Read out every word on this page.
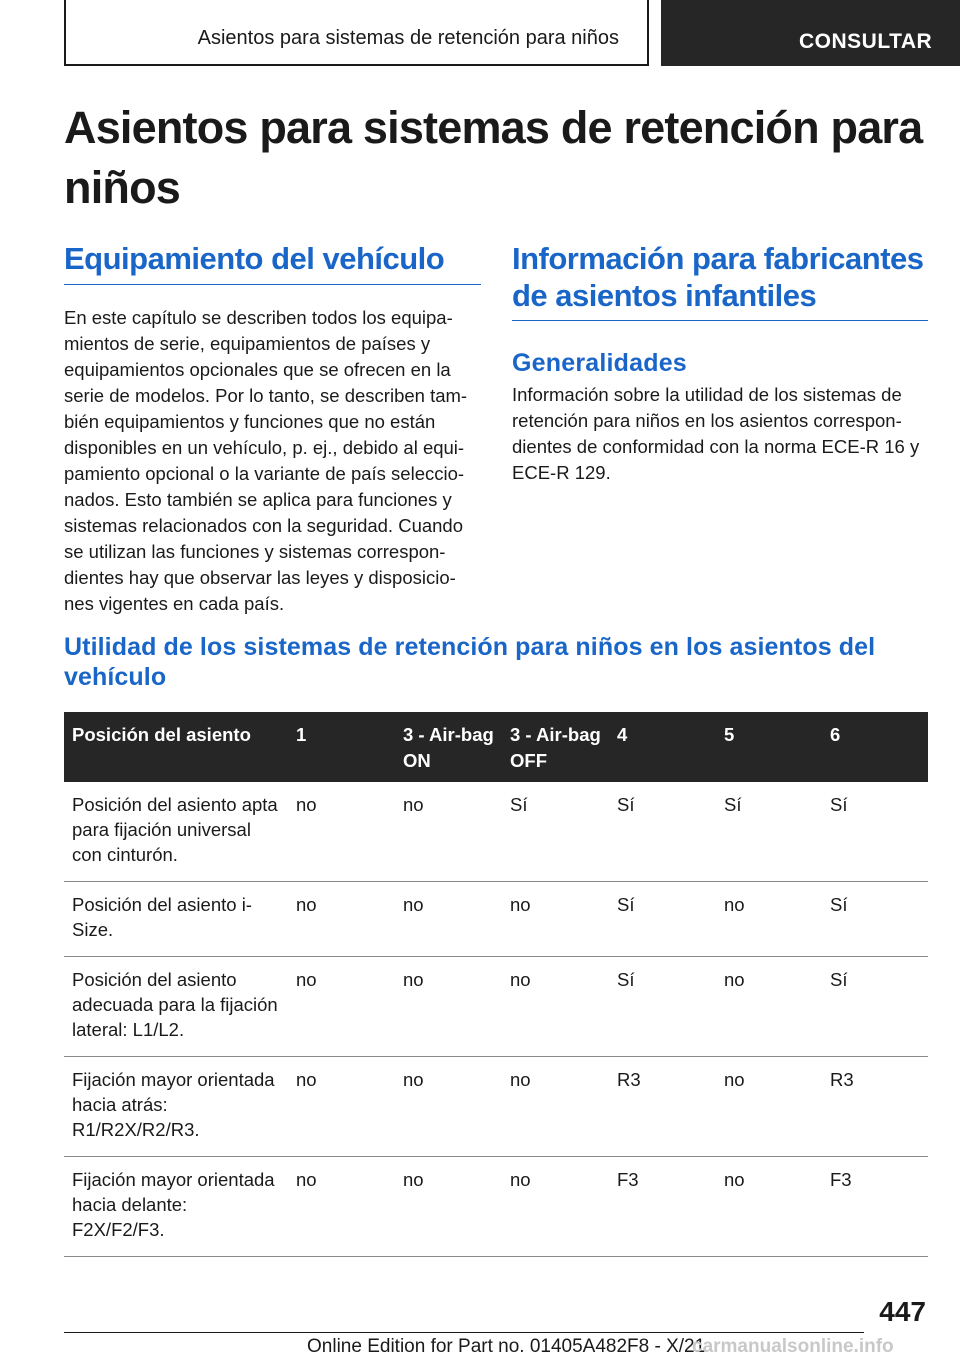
Asientos para sistemas de retención para niños	CONSULTAR
Asientos para sistemas de retención para niños
Equipamiento del vehículo

En este capítulo se describen todos los equipa-mientos de serie, equipamientos de países y equipamientos opcionales que se ofrecen en la serie de modelos. Por lo tanto, se describen tam-bién equipamientos y funciones que no están disponibles en un vehículo, p. ej., debido al equi-pamiento opcional o la variante de país seleccio-nados. Esto también se aplica para funciones y sistemas relacionados con la seguridad. Cuando se utilizan las funciones y sistemas correspon-dientes hay que observar las leyes y disposicio-nes vigentes en cada país.

Información para fabricantes de asientos infantiles
Generalidades

Información sobre la utilidad de los sistemas de retención para niños en los asientos correspon-dientes de conformidad con la norma ECE-R 16 y ECE-R 129.

Utilidad de los sistemas de retención para niños en los asientos del vehículo
Posición del asiento	1	3 - Air-bag ON	3 - Air-bag OFF	4	5	6
Posición del asiento apta para fijación universal con cinturón.	no	no	Sí	Sí	Sí	Sí
Posición del asiento i-Size.	no	no	no	Sí	no	Sí
Posición del asiento adecuada para la fijación lateral: L1/L2.	no	no	no	Sí	no	Sí
Fijación mayor orientada hacia atrás: R1/R2X/R2/R3.	no	no	no	R3	no	R3
Fijación mayor orientada hacia delante: F2X/F2/F3.	no	no	no	F3	no	F3
447
Online Edition for Part no. 01405A482F8 - X/21
carmanualsonline.info
